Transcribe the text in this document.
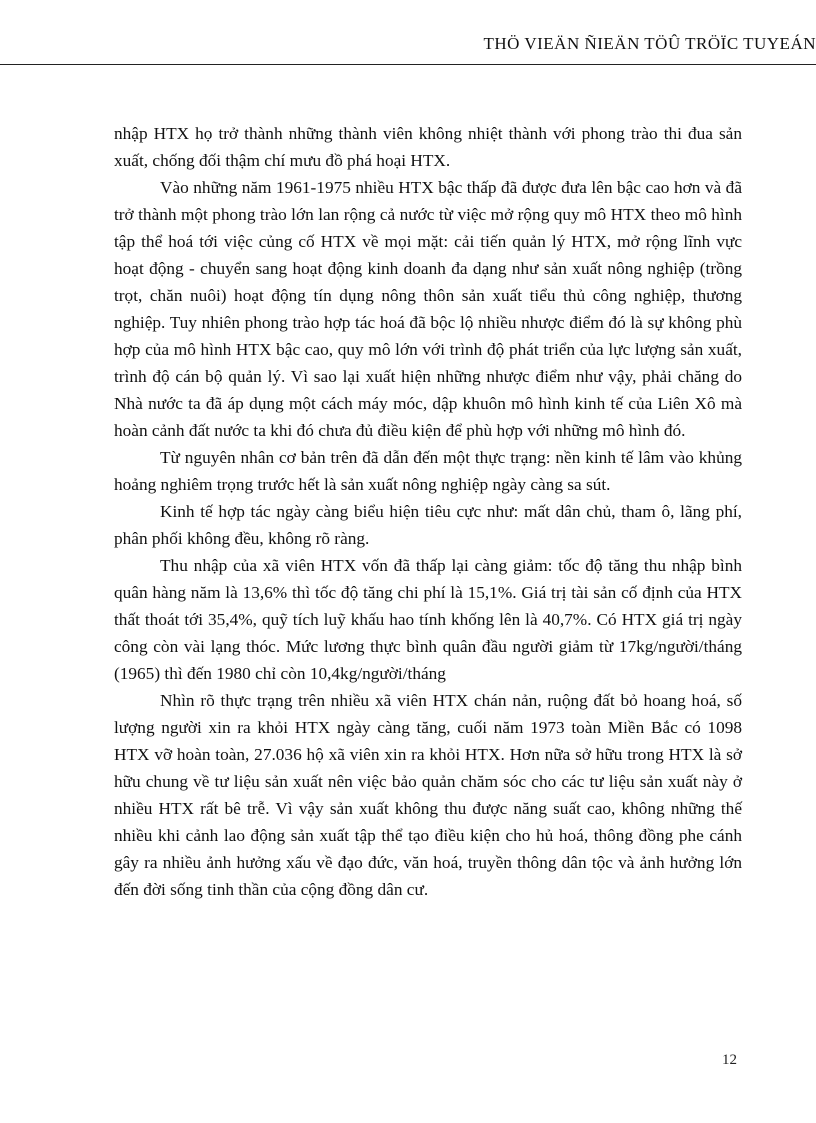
THÖ VIEÄN ÑIEÄN TÖÛ TRÖÏC TUYEÁN

nhập HTX họ trở thành những thành viên không nhiệt thành với phong trào thi đua sản xuất, chống đối thậm chí mưu đồ phá hoại HTX.

Vào những năm 1961-1975 nhiều HTX bậc thấp đã được đưa lên bậc cao hơn và đã trở thành một phong trào lớn lan rộng cả nước từ việc mở rộng quy mô HTX theo mô hình tập thể hoá tới việc củng cố HTX về mọi mặt: cải tiến quản lý HTX, mở rộng lĩnh vực hoạt động - chuyển sang hoạt động kinh doanh đa dạng như sản xuất nông nghiệp (trồng trọt, chăn nuôi) hoạt động tín dụng nông thôn sản xuất tiểu thủ công nghiệp, thương nghiệp. Tuy nhiên phong trào hợp tác hoá đã bộc lộ nhiều nhược điểm đó là sự không phù hợp của mô hình HTX bậc cao, quy mô lớn với trình độ phát triển của lực lượng sản xuất, trình độ cán bộ quản lý. Vì sao lại xuất hiện những nhược điểm như vậy, phải chăng do Nhà nước ta đã áp dụng một cách máy móc, dập khuôn mô hình kinh tế của Liên Xô mà hoàn cảnh đất nước ta khi đó chưa đủ điều kiện để phù hợp với những mô hình đó.

Từ nguyên nhân cơ bản trên đã dẫn đến một thực trạng: nền kinh tế lâm vào khủng hoảng nghiêm trọng trước hết là sản xuất nông nghiệp ngày càng sa sút.

Kinh tế hợp tác ngày càng biểu hiện tiêu cực như: mất dân chủ, tham ô, lãng phí, phân phối không đều, không rõ ràng.

Thu nhập của xã viên HTX vốn đã thấp lại càng giảm: tốc độ tăng thu nhập bình quân hàng năm là 13,6% thì tốc độ tăng chi phí là 15,1%. Giá trị tài sản cố định của HTX thất thoát tới 35,4%, quỹ tích luỹ khấu hao tính khống lên là 40,7%. Có HTX giá trị ngày công còn vài lạng thóc. Mức lương thực bình quân đầu người giảm từ 17kg/người/tháng (1965) thì đến 1980 chỉ còn 10,4kg/người/tháng

Nhìn rõ thực trạng trên nhiều xã viên HTX chán nản, ruộng đất bỏ hoang hoá, số lượng người xin ra khỏi HTX ngày càng tăng, cuối năm 1973 toàn Miền Bắc có 1098 HTX vỡ hoàn toàn, 27.036 hộ xã viên xin ra khỏi HTX. Hơn nữa sở hữu trong HTX là sở hữu chung về tư liệu sản xuất nên việc bảo quản chăm sóc cho các tư liệu sản xuất này ở nhiều HTX rất bê trễ. Vì vậy sản xuất không thu được năng suất cao, không những thế nhiều khi cảnh lao động sản xuất tập thể tạo điều kiện cho hủ hoá, thông đồng phe cánh gây ra nhiều ảnh hưởng xấu về đạo đức, văn hoá, truyền thông dân tộc và ảnh hưởng lớn đến đời sống tinh thần của cộng đồng dân cư.

12
